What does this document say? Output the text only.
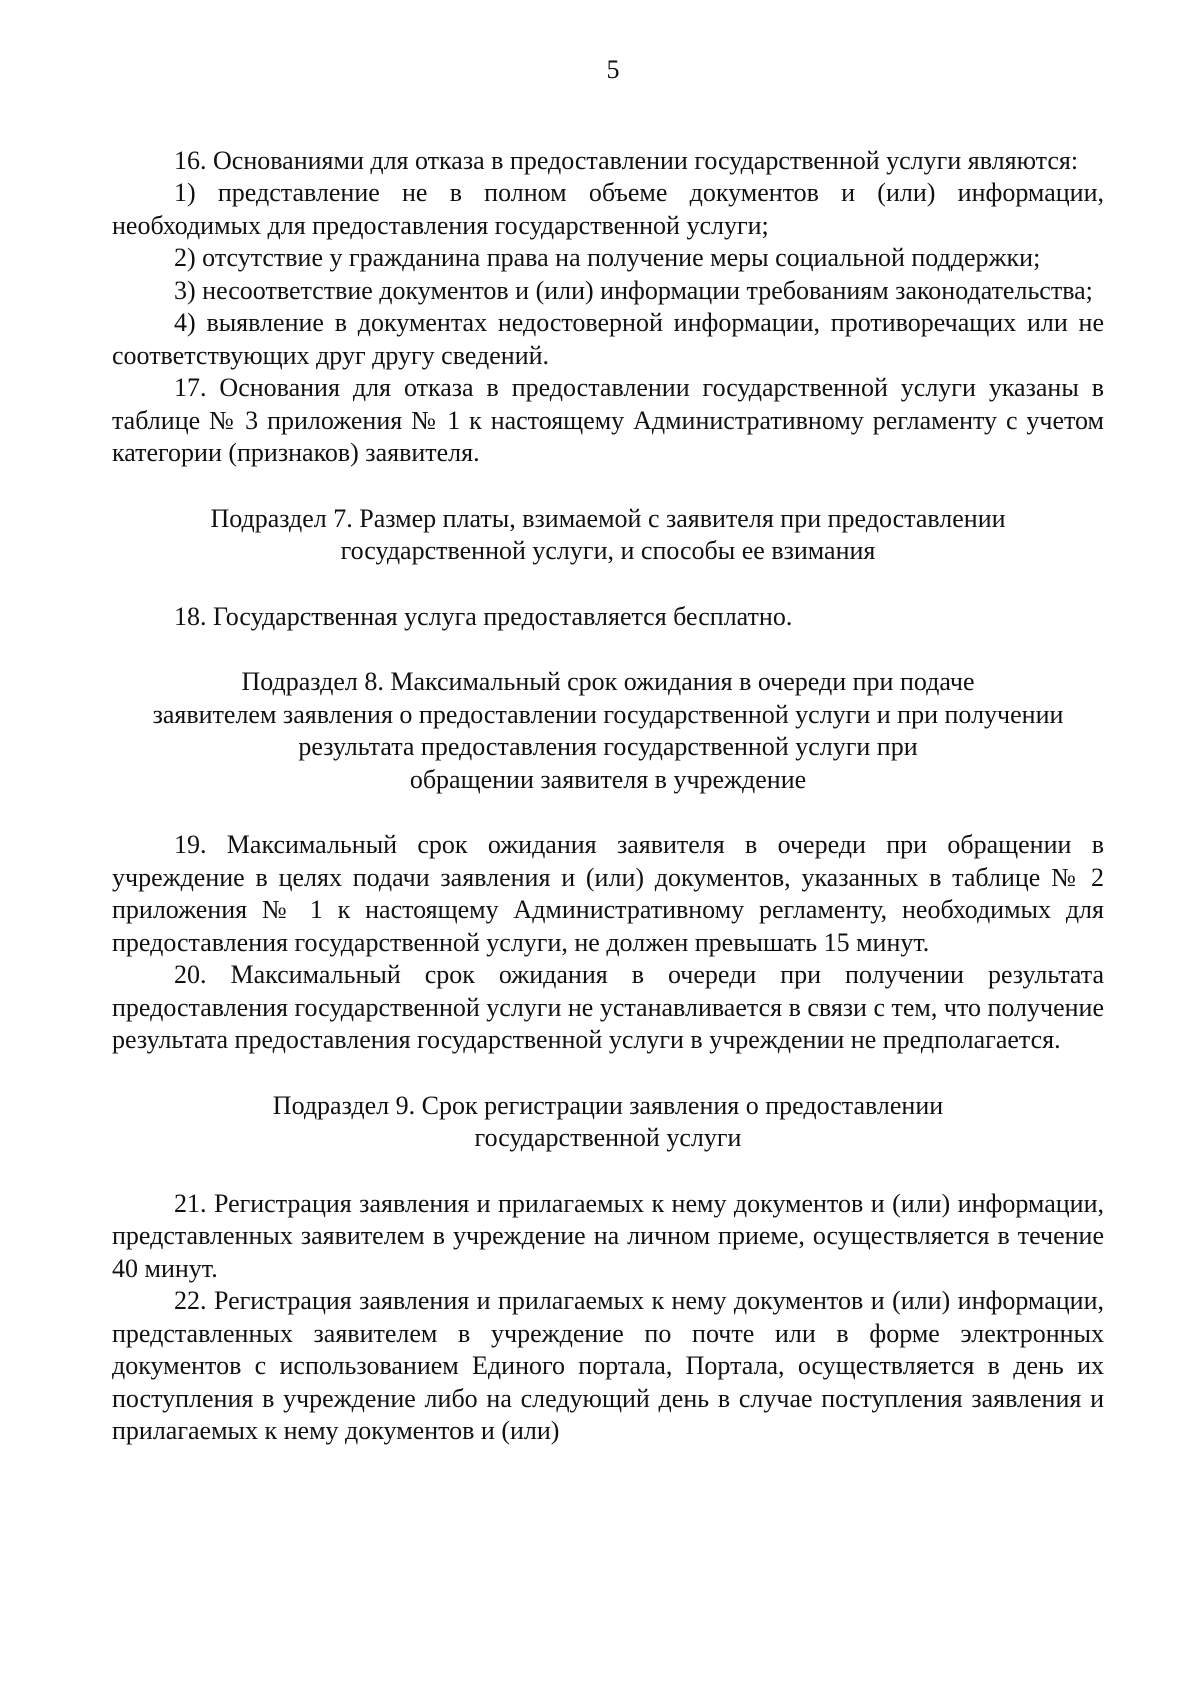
5

16. Основаниями для отказа в предоставлении государственной услуги являются:

1) представление не в полном объеме документов и (или) информации, необходимых для предоставления государственной услуги;

2) отсутствие у гражданина права на получение меры социальной поддержки;

3) несоответствие документов и (или) информации требованиям законодательства;

4) выявление в документах недостоверной информации, противоречащих или не соответствующих друг другу сведений.

17. Основания для отказа в предоставлении государственной услуги указаны в таблице № 3 приложения № 1 к настоящему Административному регламенту с учетом категории (признаков) заявителя.

Подраздел 7. Размер платы, взимаемой с заявителя при предоставлении
государственной услуги, и способы ее взимания

18. Государственная услуга предоставляется бесплатно.

Подраздел 8. Максимальный срок ожидания в очереди при подаче
заявителем заявления о предоставлении государственной услуги и при получении
результата предоставления государственной услуги при
обращении заявителя в учреждение

19. Максимальный срок ожидания заявителя в очереди при обращении в учреждение в целях подачи заявления и (или) документов, указанных в таблице № 2 приложения № 1 к настоящему Административному регламенту, необходимых для предоставления государственной услуги, не должен превышать 15 минут.

20. Максимальный срок ожидания в очереди при получении результата предоставления государственной услуги не устанавливается в связи с тем, что получение результата предоставления государственной услуги в учреждении не предполагается.

Подраздел 9. Срок регистрации заявления о предоставлении
государственной услуги

21. Регистрация заявления и прилагаемых к нему документов и (или) информации, представленных заявителем в учреждение на личном приеме, осуществляется в течение 40 минут.

22. Регистрация заявления и прилагаемых к нему документов и (или) информации, представленных заявителем в учреждение по почте или в форме электронных документов с использованием Единого портала, Портала, осуществляется в день их поступления в учреждение либо на следующий день в случае поступления заявления и прилагаемых к нему документов и (или)
